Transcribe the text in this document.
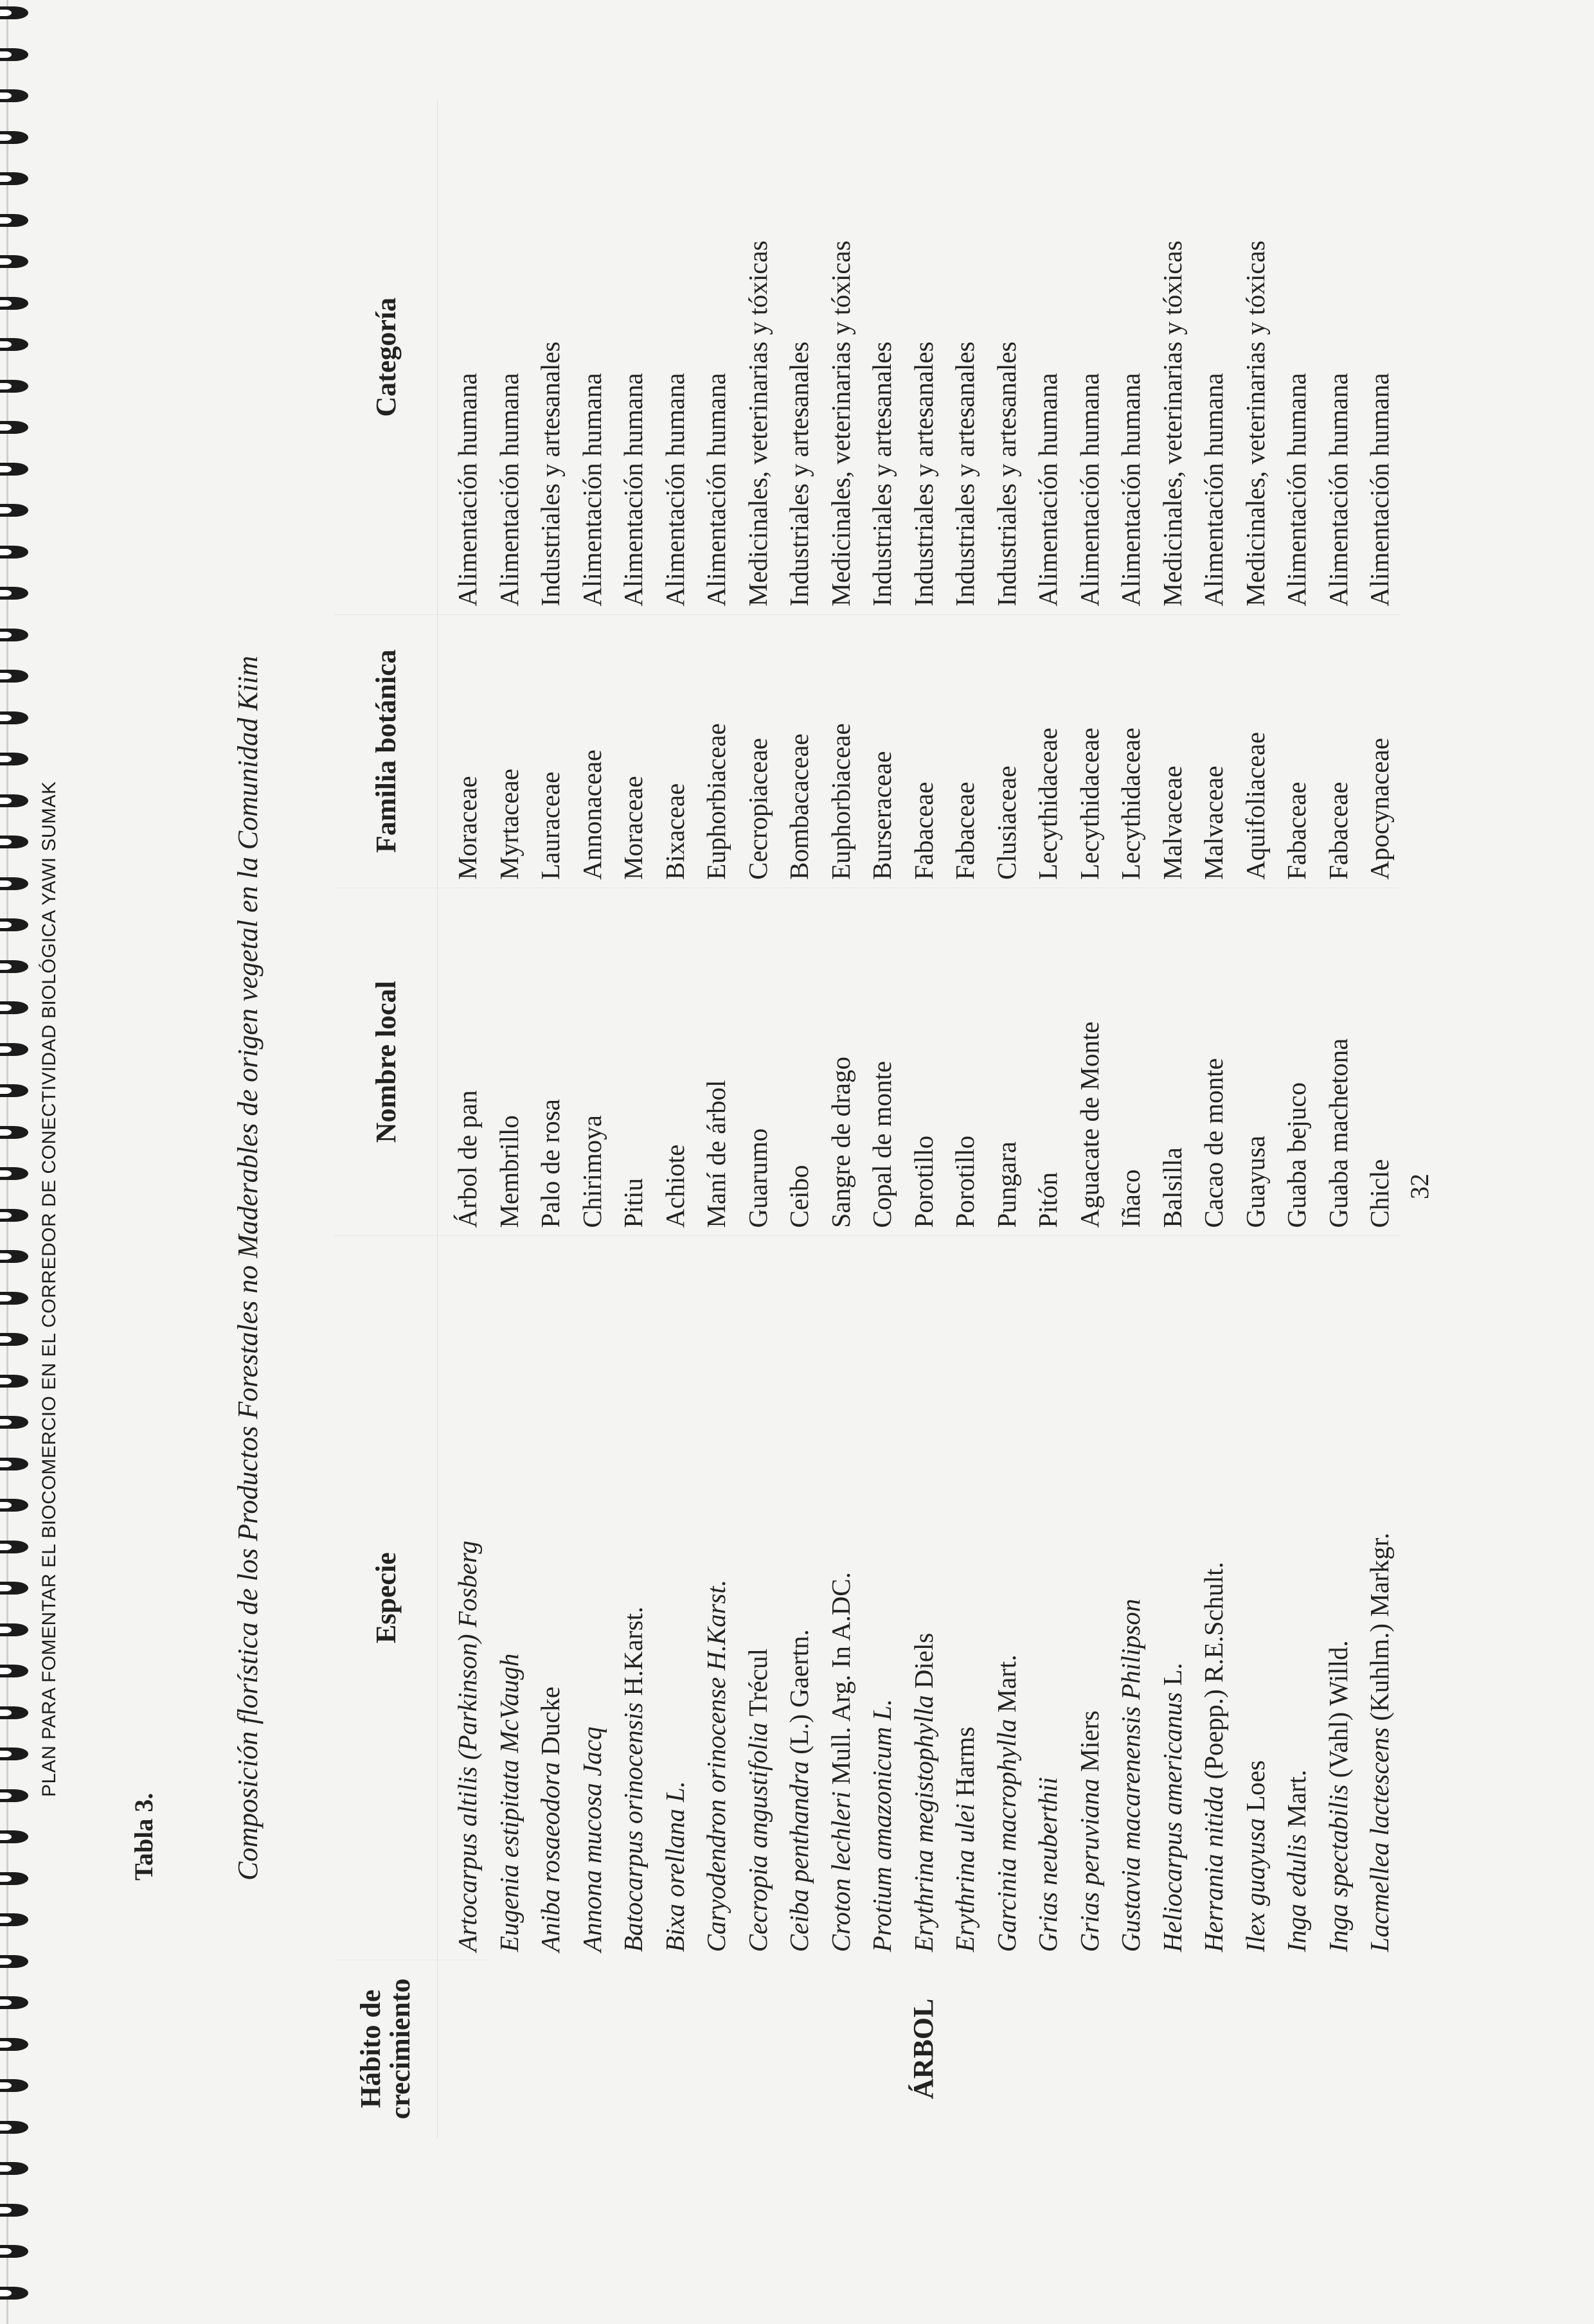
PLAN PARA FOMENTAR EL BIOCOMERCIO EN EL CORREDOR DE CONECTIVIDAD BIOLÓGICA YAWI SUMAK
Tabla 3.	Composición florística de los Productos Forestales no Maderables de origen vegetal en la Comunidad Kiim
Hábito de crecimiento	Especie	Nombre local	Familia botánica	Categoría
ÁRBOL	Artocarpus altilis (Parkinson) Fosberg	Árbol de pan	Moraceae	Alimentación humana
	Eugenia estipitata McVaugh	Membrillo	Myrtaceae	Alimentación humana
	Aniba rosaeodora Ducke	Palo de rosa	Lauraceae	Industriales y artesanales
	Annona mucosa Jacq	Chirimoya	Annonaceae	Alimentación humana
	Batocarpus orinocensis H.Karst.	Pitiu	Moraceae	Alimentación humana
	Bixa orellana L.	Achiote	Bixaceae	Alimentación humana
	Caryodendron orinocense H.Karst.	Maní de árbol	Euphorbiaceae	Alimentación humana
	Cecropia angustifolia Trécul	Guarumo	Cecropiaceae	Medicinales, veterinarias y tóxicas
	Ceiba penthandra (L.) Gaertn.	Ceibo	Bombacaceae	Industriales y artesanales
	Croton lechleri Mull. Arg. In A.DC.	Sangre de drago	Euphorbiaceae	Medicinales, veterinarias y tóxicas
	Protium amazonicum L.	Copal de monte	Burseraceae	Industriales y artesanales
	Erythrina megistophylla Diels	Porotillo	Fabaceae	Industriales y artesanales
	Erythrina ulei Harms	Porotillo	Fabaceae	Industriales y artesanales
	Garcinia macrophylla Mart.	Pungara	Clusiaceae	Industriales y artesanales
	Grias neuberthii	Pitón	Lecythidaceae	Alimentación humana
	Grias peruviana Miers	Aguacate de Monte	Lecythidaceae	Alimentación humana
	Gustavia macarenensis Philipson	Iñaco	Lecythidaceae	Alimentación humana
	Heliocarpus americanus L.	Balsilla	Malvaceae	Medicinales, veterinarias y tóxicas
	Herrania nitida (Poepp.) R.E.Schult.	Cacao de monte	Malvaceae	Alimentación humana
	Ilex guayusa Loes	Guayusa	Aquifoliaceae	Medicinales, veterinarias y tóxicas
	Inga edulis Mart.	Guaba bejuco	Fabaceae	Alimentación humana
	Inga spectabilis (Vahl) Willd.	Guaba machetona	Fabaceae	Alimentación humana
	Lacmellea lactescens (Kuhlm.) Markgr.	Chicle	Apocynaceae	Alimentación humana
32
